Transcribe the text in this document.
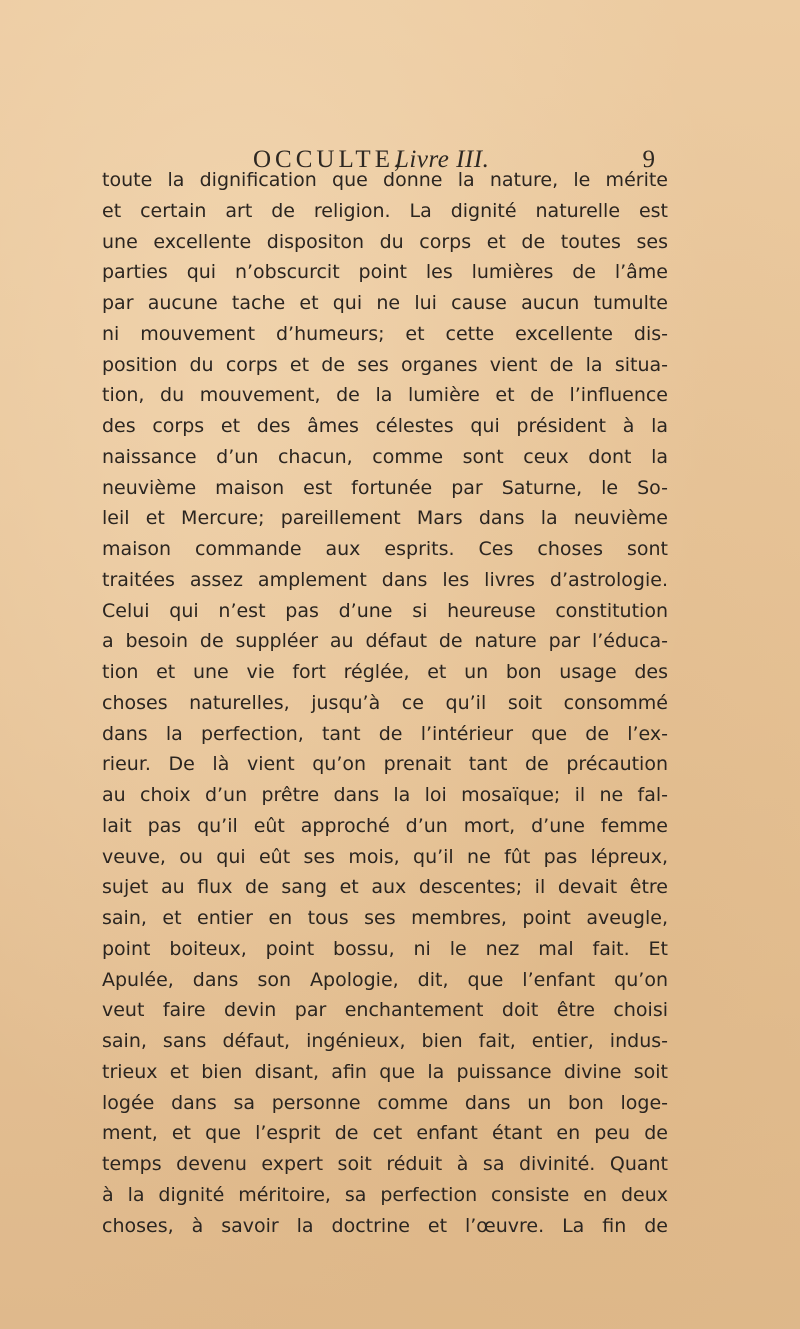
OCCULTE,
Livre III.	9
toute la dignification que donne la nature, le mérite
et certain art de religion. La dignité naturelle est
une excellente dispositon du corps et de toutes ses
parties qui n’obscurcit point les lumières de l’âme
par aucune tache et qui ne lui cause aucun tumulte
ni mouvement d’humeurs; et cette excellente dis-
position du corps et de ses organes vient de la situa-
tion, du mouvement, de la lumière et de l’influence
des corps et des âmes célestes qui président à la
naissance d’un chacun, comme sont ceux dont la
neuvième maison est fortunée par Saturne, le So-
leil et Mercure; pareillement Mars dans la neuvième
maison commande aux esprits. Ces choses sont
traitées assez amplement dans les livres d’astrologie.
Celui qui n’est pas d’une si heureuse constitution
a besoin de suppléer au défaut de nature par l’éduca-
tion et une vie fort réglée, et un bon usage des
choses naturelles, jusqu’à ce qu’il soit consommé
dans la perfection, tant de l’intérieur que de l’ex-
rieur. De là vient qu’on prenait tant de précaution
au choix d’un prêtre dans la loi mosaïque; il ne fal-
lait pas qu’il eût approché d’un mort, d’une femme
veuve, ou qui eût ses mois, qu’il ne fût pas lépreux,
sujet au flux de sang et aux descentes; il devait être
sain, et entier en tous ses membres, point aveugle,
point boiteux, point bossu, ni le nez mal fait. Et
Apulée, dans son Apologie, dit, que l’enfant qu’on
veut faire devin par enchantement doit être choisi
sain, sans défaut, ingénieux, bien fait, entier, indus-
trieux et bien disant, afin que la puissance divine soit
logée dans sa personne comme dans un bon loge-
ment, et que l’esprit de cet enfant étant en peu de
temps devenu expert soit réduit à sa divinité. Quant
à la dignité méritoire, sa perfection consiste en deux
choses, à savoir la doctrine et l’œuvre. La fin de
